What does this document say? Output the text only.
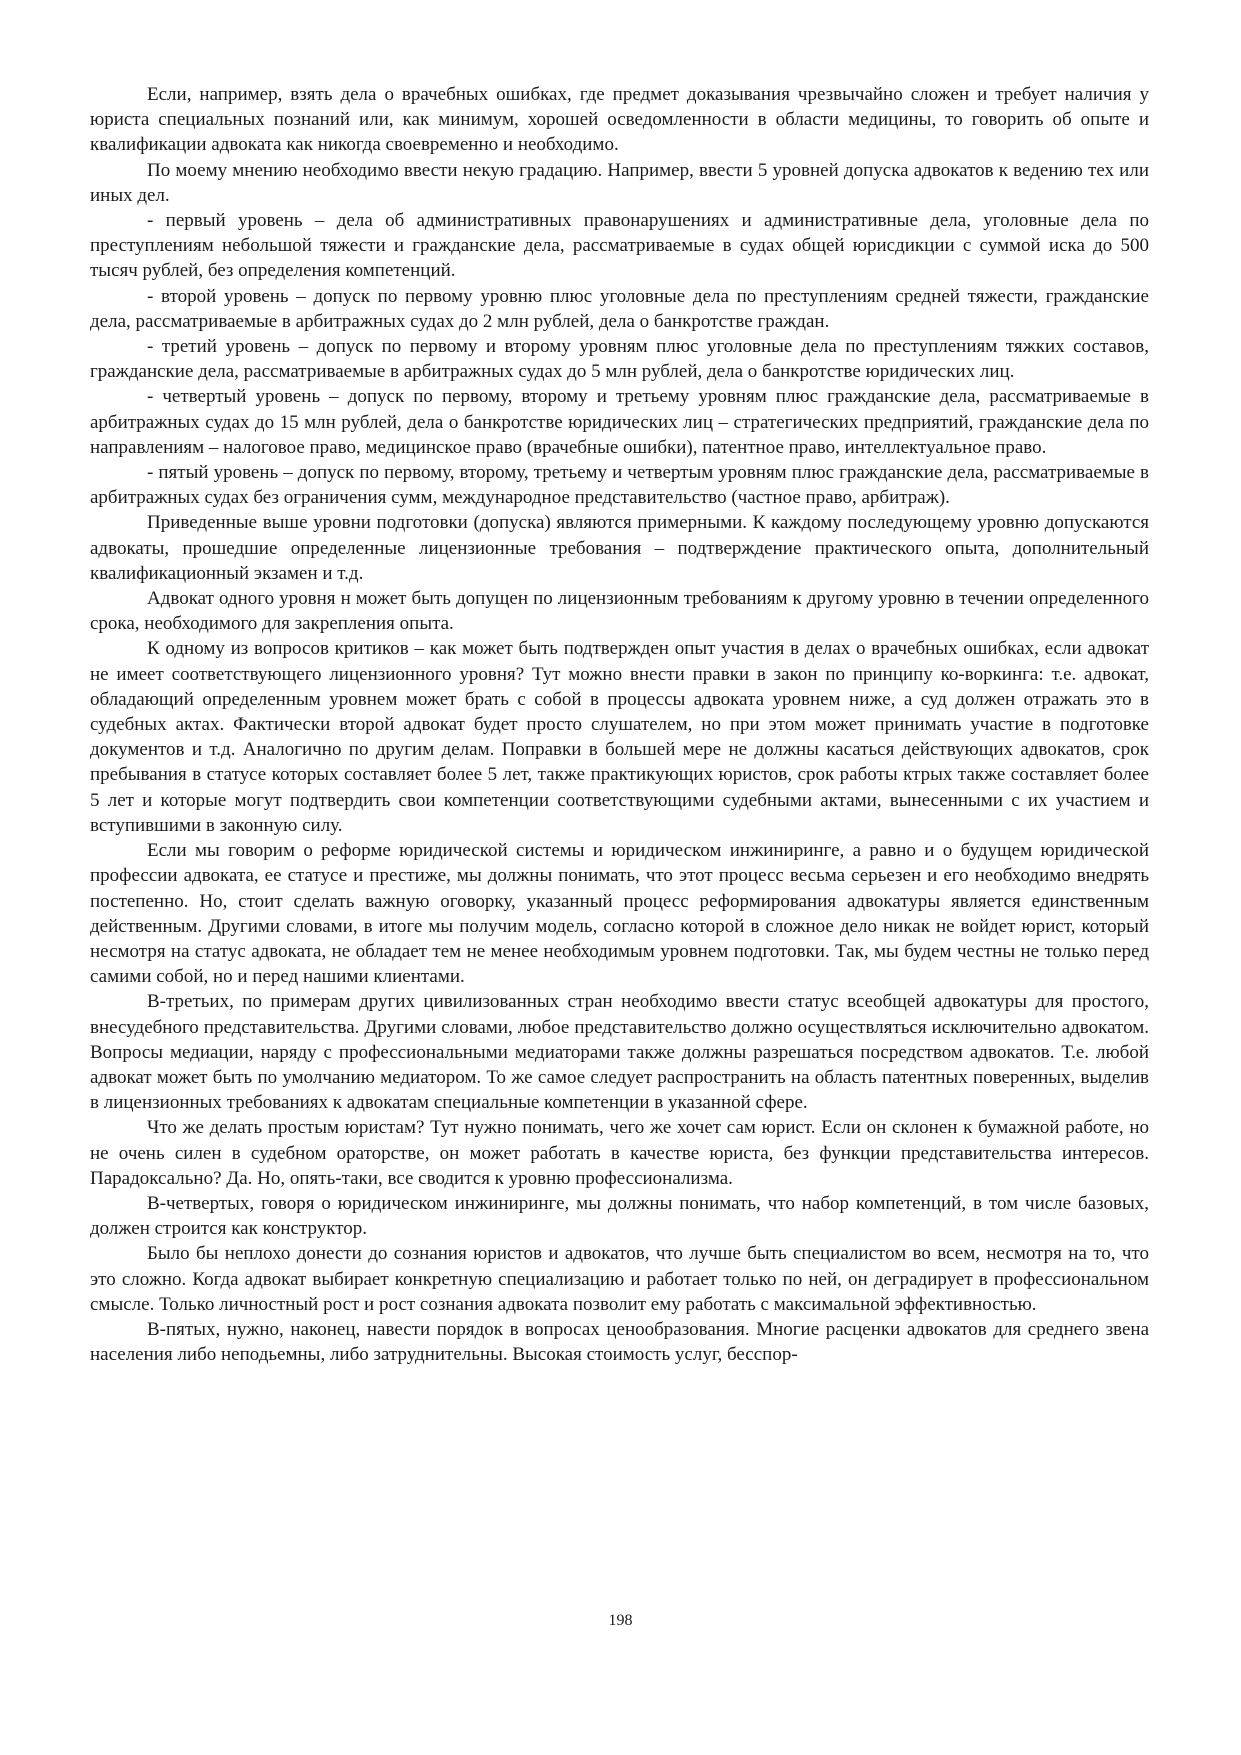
Если, например, взять дела о врачебных ошибках, где предмет доказывания чрезвычайно сложен и требует наличия у юриста специальных познаний или, как минимум, хорошей осведомленности в области медицины, то говорить об опыте и квалификации адвоката как никогда своевременно и необходимо.

По моему мнению необходимо ввести некую градацию. Например, ввести 5 уровней допуска адвокатов к ведению тех или иных дел.

- первый уровень – дела об административных правонарушениях и административные дела, уголовные дела по преступлениям небольшой тяжести и гражданские дела, рассматриваемые в судах общей юрисдикции с суммой иска до 500 тысяч рублей, без определения компетенций.

- второй уровень – допуск по первому уровню плюс уголовные дела по преступлениям средней тяжести, гражданские дела, рассматриваемые в арбитражных судах до 2 млн рублей, дела о банкротстве граждан.

- третий уровень – допуск по первому и второму уровням плюс уголовные дела по преступлениям тяжких составов, гражданские дела, рассматриваемые в арбитражных судах до 5 млн рублей, дела о банкротстве юридических лиц.

- четвертый уровень – допуск по первому, второму и третьему уровням плюс гражданские дела, рассматриваемые в арбитражных судах до 15 млн рублей, дела о банкротстве юридических лиц – стратегических предприятий, гражданские дела по направлениям – налоговое право, медицинское право (врачебные ошибки), патентное право, интеллектуальное право.

- пятый уровень – допуск по первому, второму, третьему и четвертым уровням плюс гражданские дела, рассматриваемые в арбитражных судах без ограничения сумм, международное представительство (частное право, арбитраж).

Приведенные выше уровни подготовки (допуска) являются примерными. К каждому последующему уровню допускаются адвокаты, прошедшие определенные лицензионные требования – подтверждение практического опыта, дополнительный квалификационный экзамен и т.д.

Адвокат одного уровня н может быть допущен по лицензионным требованиям к другому уровню в течении определенного срока, необходимого для закрепления опыта.

К одному из вопросов критиков – как может быть подтвержден опыт участия в делах о врачебных ошибках, если адвокат не имеет соответствующего лицензионного уровня? Тут можно внести правки в закон по принципу ко-воркинга: т.е. адвокат, обладающий определенным уровнем может брать с собой в процессы адвоката уровнем ниже, а суд должен отражать это в судебных актах. Фактически второй адвокат будет просто слушателем, но при этом может принимать участие в подготовке документов и т.д. Аналогично по другим делам. Поправки в большей мере не должны касаться действующих адвокатов, срок пребывания в статусе которых составляет более 5 лет, также практикующих юристов, срок работы ктрых также составляет более 5 лет и которые могут подтвердить свои компетенции соответствующими судебными актами, вынесенными с их участием и вступившими в законную силу.

Если мы говорим о реформе юридической системы и юридическом инжиниринге, а равно и о будущем юридической профессии адвоката, ее статусе и престиже, мы должны понимать, что этот процесс весьма серьезен и его необходимо внедрять постепенно. Но, стоит сделать важную оговорку, указанный процесс реформирования адвокатуры является единственным действенным. Другими словами, в итоге мы получим модель, согласно которой в сложное дело никак не войдет юрист, который несмотря на статус адвоката, не обладает тем не менее необходимым уровнем подготовки. Так, мы будем честны не только перед самими собой, но и перед нашими клиентами.

В-третьих, по примерам других цивилизованных стран необходимо ввести статус всеобщей адвокатуры для простого, внесудебного представительства. Другими словами, любое представительство должно осуществляться исключительно адвокатом. Вопросы медиации, наряду с профессиональными медиаторами также должны разрешаться посредством адвокатов. Т.е. любой адвокат может быть по умолчанию медиатором. То же самое следует распространить на область патентных поверенных, выделив в лицензионных требованиях к адвокатам специальные компетенции в указанной сфере.

Что же делать простым юристам? Тут нужно понимать, чего же хочет сам юрист. Если он склонен к бумажной работе, но не очень силен в судебном ораторстве, он может работать в качестве юриста, без функции представительства интересов. Парадоксально? Да. Но, опять-таки, все сводится к уровню профессионализма.

В-четвертых, говоря о юридическом инжиниринге, мы должны понимать, что набор компетенций, в том числе базовых, должен строится как конструктор.

Было бы неплохо донести до сознания юристов и адвокатов, что лучше быть специалистом во всем, несмотря на то, что это сложно. Когда адвокат выбирает конкретную специализацию и работает только по ней, он деградирует в профессиональном смысле. Только личностный рост и рост сознания адвоката позволит ему работать с максимальной эффективностью.

В-пятых, нужно, наконец, навести порядок в вопросах ценообразования. Многие расценки адвокатов для среднего звена населения либо неподьемны, либо затруднительны. Высокая стоимость услуг, бесспор-

198
